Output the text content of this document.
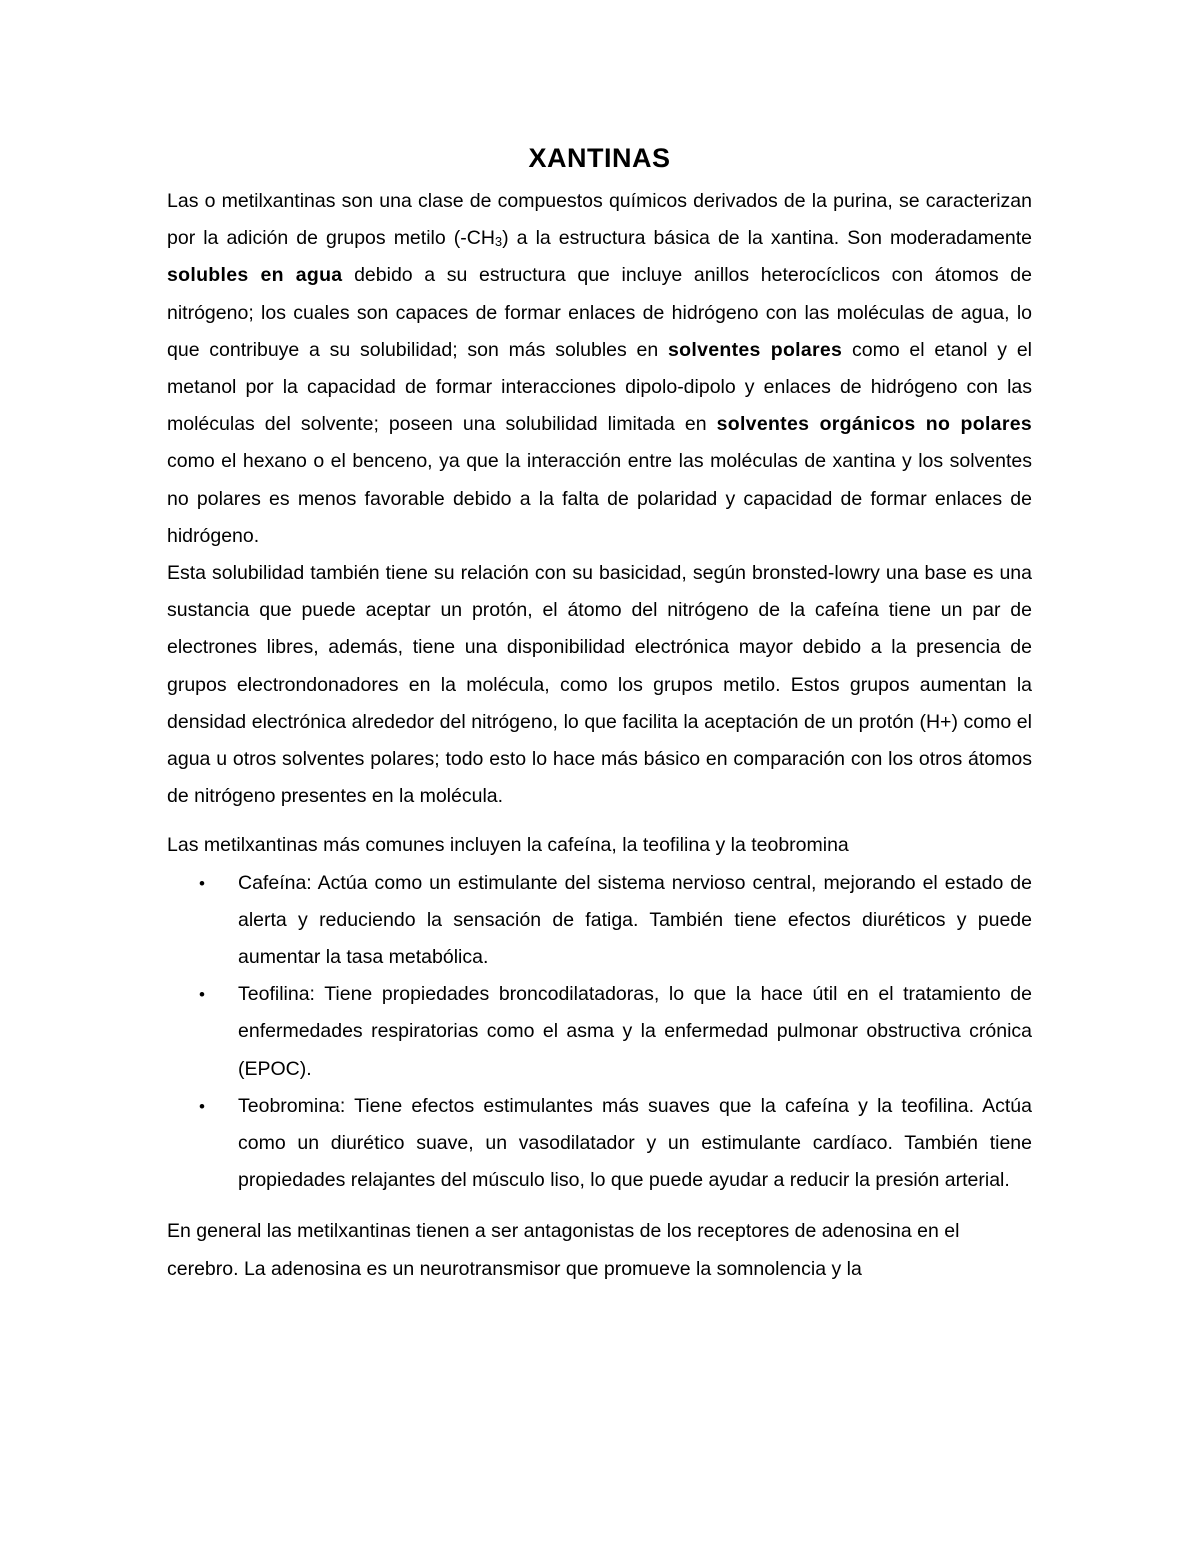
XANTINAS

Las o metilxantinas son una clase de compuestos químicos derivados de la purina, se caracterizan por la adición de grupos metilo $(-CH_3)$ a la estructura básica de la xantina. Son moderadamente solubles en agua debido a su estructura que incluye anillos heterocíclicos con átomos de nitrógeno; los cuales son capaces de formar enlaces de hidrógeno con las moléculas de agua, lo que contribuye a su solubilidad; son más solubles en solventes polares como el etanol y el metanol por la capacidad de formar interacciones dipolo-dipolo y enlaces de hidrógeno con las moléculas del solvente; poseen una solubilidad limitada en solventes orgánicos no polares como el hexano o el benceno, ya que la interacción entre las moléculas de xantina y los solventes no polares es menos favorable debido a la falta de polaridad y capacidad de formar enlaces de hidrógeno.

Esta solubilidad también tiene su relación con su basicidad, según bronsted-lowry una base es una sustancia que puede aceptar un protón, el átomo del nitrógeno de la cafeína tiene un par de electrones libres, además, tiene una disponibilidad electrónica mayor debido a la presencia de grupos electrondonadores en la molécula, como los grupos metilo. Estos grupos aumentan la densidad electrónica alrededor del nitrógeno, lo que facilita la aceptación de un protón (H+) como el agua u otros solventes polares; todo esto lo hace más básico en comparación con los otros átomos de nitrógeno presentes en la molécula.

Las metilxantinas más comunes incluyen la cafeína, la teofilina y la teobromina

• Cafeína: Actúa como un estimulante del sistema nervioso central, mejorando el estado de alerta y reduciendo la sensación de fatiga. También tiene efectos diuréticos y puede aumentar la tasa metabólica.
• Teofilina: Tiene propiedades broncodilatadoras, lo que la hace útil en el tratamiento de enfermedades respiratorias como el asma y la enfermedad pulmonar obstructiva crónica (EPOC).
• Teobromina: Tiene efectos estimulantes más suaves que la cafeína y la teofilina. Actúa como un diurético suave, un vasodilatador y un estimulante cardíaco. También tiene propiedades relajantes del músculo liso, lo que puede ayudar a reducir la presión arterial.

En general las metilxantinas tienen a ser antagonistas de los receptores de adenosina en el cerebro. La adenosina es un neurotransmisor que promueve la somnolencia y la
